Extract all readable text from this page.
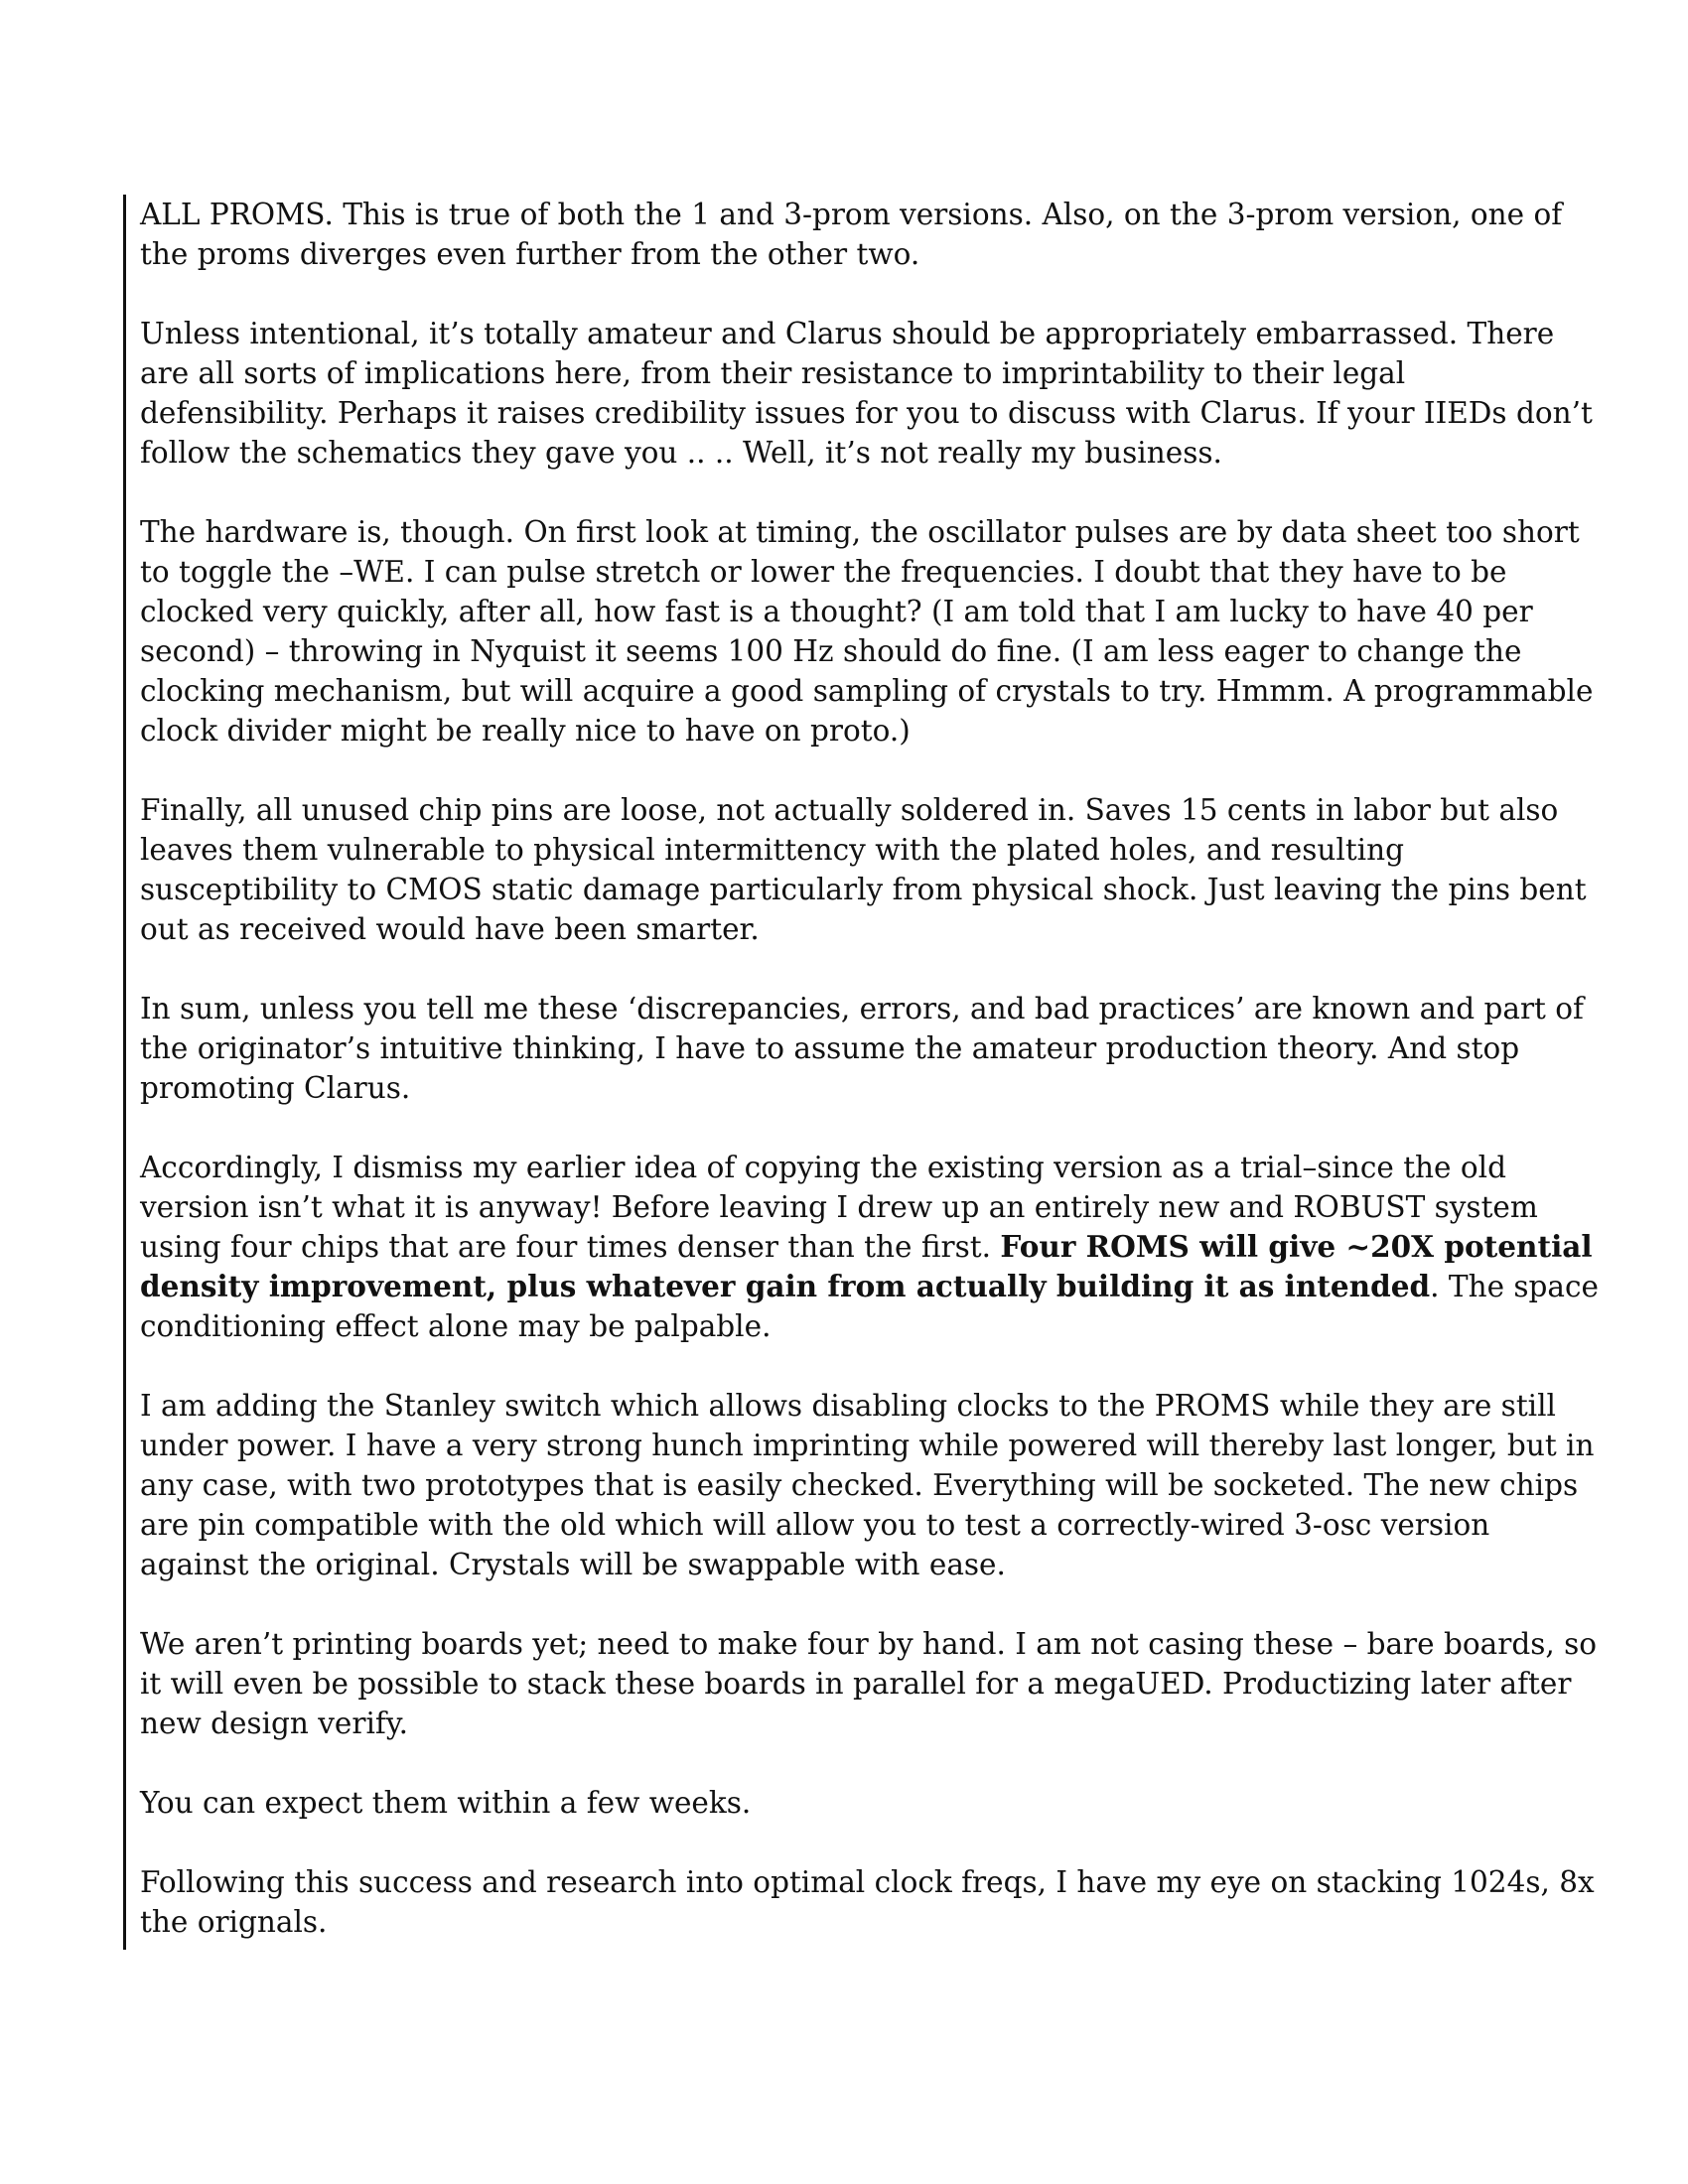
ALL PROMS. This is true of both the 1 and 3-prom versions. Also, on the 3-prom version, one of the proms diverges even further from the other two.

Unless intentional, it’s totally amateur and Clarus should be appropriately embarrassed. There are all sorts of implications here, from their resistance to imprintability to their legal defensibility. Perhaps it raises credibility issues for you to discuss with Clarus. If your IIEDs don’t follow the schematics they gave you .. .. Well, it’s not really my business.

The hardware is, though. On first look at timing, the oscillator pulses are by data sheet too short to toggle the –WE. I can pulse stretch or lower the frequencies. I doubt that they have to be clocked very quickly, after all, how fast is a thought? (I am told that I am lucky to have 40 per second) – throwing in Nyquist it seems 100 Hz should do fine. (I am less eager to change the clocking mechanism, but will acquire a good sampling of crystals to try. Hmmm. A programmable clock divider might be really nice to have on proto.)

Finally, all unused chip pins are loose, not actually soldered in. Saves 15 cents in labor but also leaves them vulnerable to physical intermittency with the plated holes, and resulting susceptibility to CMOS static damage particularly from physical shock. Just leaving the pins bent out as received would have been smarter.

In sum, unless you tell me these ‘discrepancies, errors, and bad practices’ are known and part of the originator’s intuitive thinking, I have to assume the amateur production theory. And stop promoting Clarus.

Accordingly, I dismiss my earlier idea of copying the existing version as a trial–since the old version isn’t what it is anyway! Before leaving I drew up an entirely new and ROBUST system using four chips that are four times denser than the first. Four ROMS will give ~20X potential density improvement, plus whatever gain from actually building it as intended. The space conditioning effect alone may be palpable.

I am adding the Stanley switch which allows disabling clocks to the PROMS while they are still under power. I have a very strong hunch imprinting while powered will thereby last longer, but in any case, with two prototypes that is easily checked. Everything will be socketed. The new chips are pin compatible with the old which will allow you to test a correctly-wired 3-osc version against the original. Crystals will be swappable with ease.

We aren’t printing boards yet; need to make four by hand. I am not casing these – bare boards, so it will even be possible to stack these boards in parallel for a megaUED. Productizing later after new design verify.

You can expect them within a few weeks.

Following this success and research into optimal clock freqs, I have my eye on stacking 1024s, 8x the orignals.
